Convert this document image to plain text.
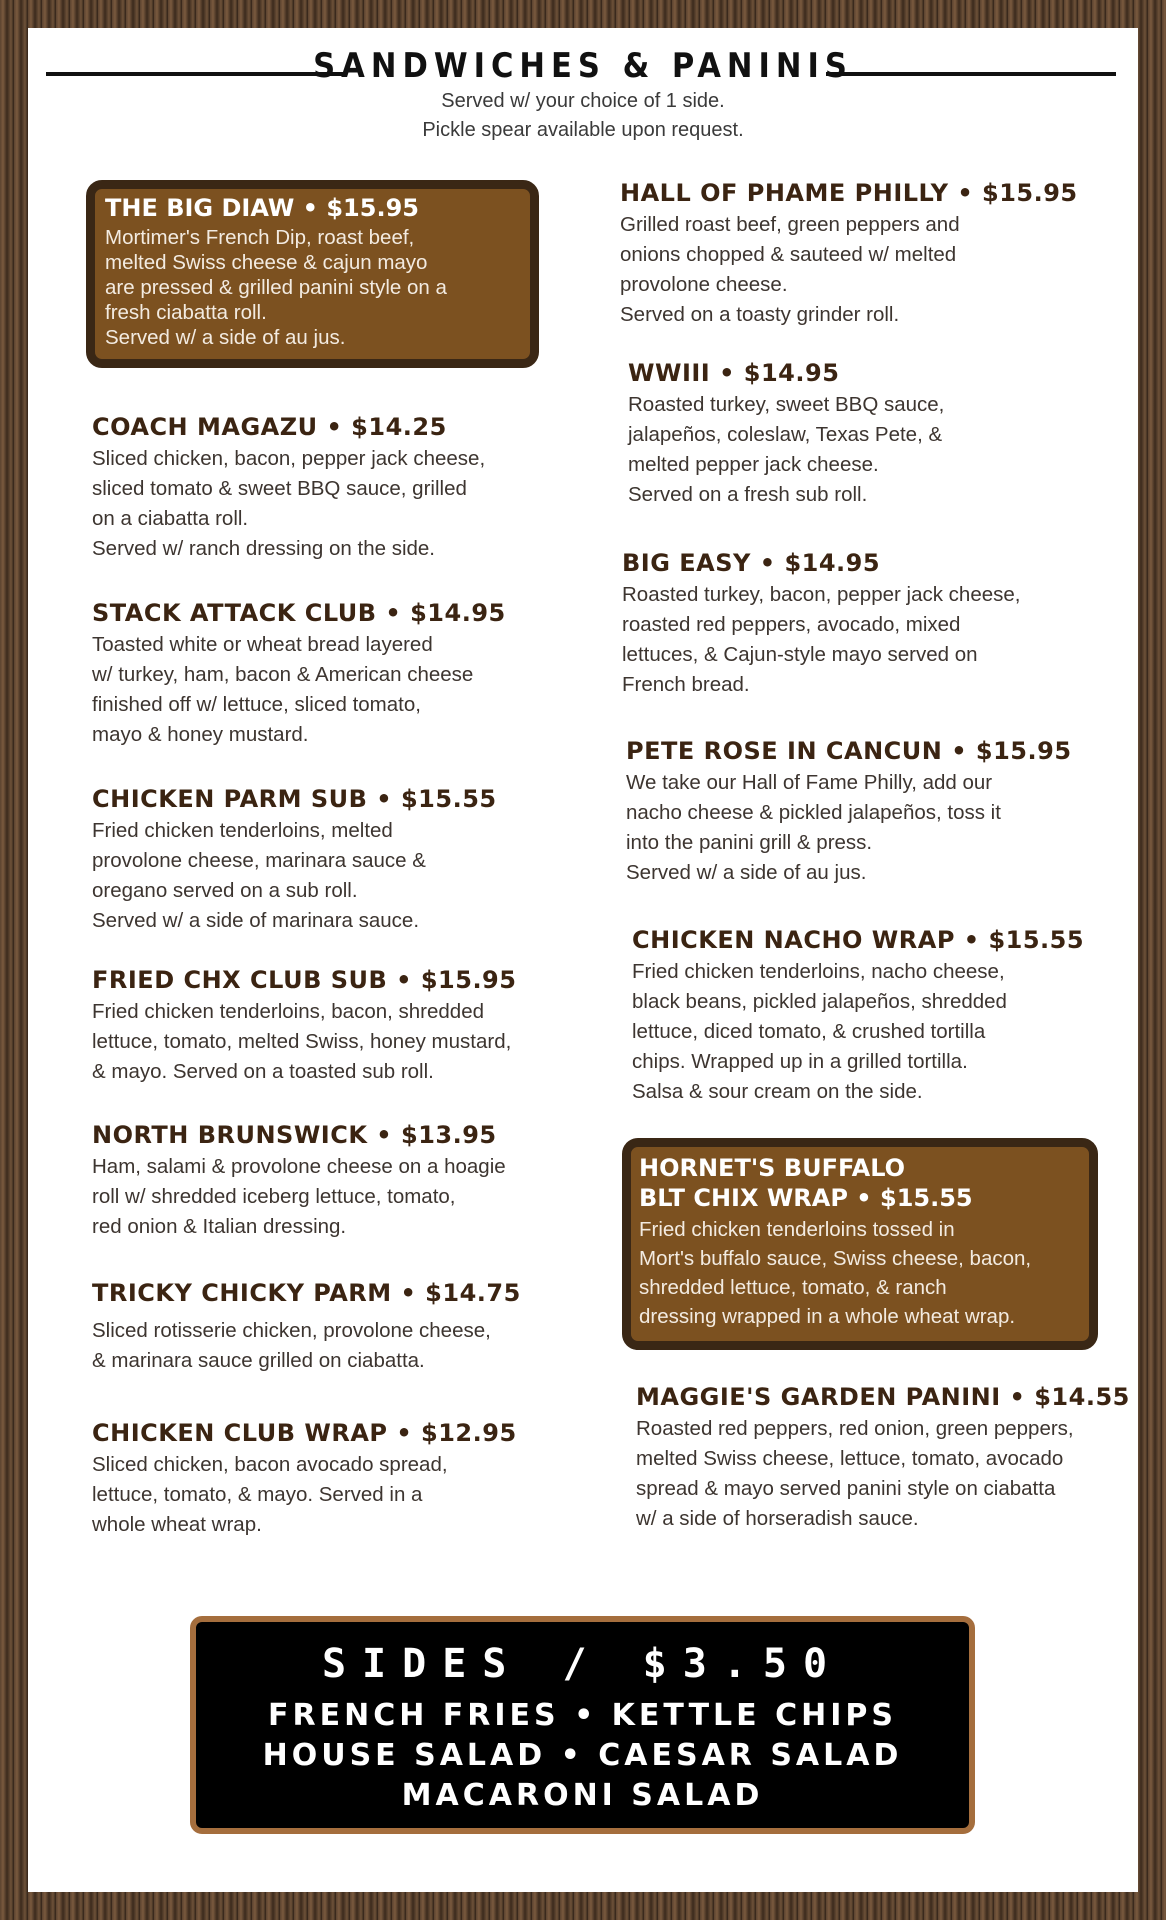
SANDWICHES & PANINIS
Served w/ your choice of 1 side.
Pickle spear available upon request.
THE BIG DIAW • $15.95
Mortimer's French Dip, roast beef,
melted Swiss cheese & cajun mayo
are pressed & grilled panini style on a
fresh ciabatta roll.
Served w/ a side of au jus.
COACH MAGAZU • $14.25
Sliced chicken, bacon, pepper jack cheese,
sliced tomato & sweet BBQ sauce, grilled
on a ciabatta roll.
Served w/ ranch dressing on the side.
STACK ATTACK CLUB • $14.95
Toasted white or wheat bread layered
w/ turkey, ham, bacon & American cheese
finished off w/ lettuce, sliced tomato,
mayo & honey mustard.
CHICKEN PARM SUB • $15.55
Fried chicken tenderloins, melted
provolone cheese, marinara sauce &
oregano served on a sub roll.
Served w/ a side of marinara sauce.
FRIED CHX CLUB SUB • $15.95
Fried chicken tenderloins, bacon, shredded
lettuce, tomato, melted Swiss, honey mustard,
& mayo. Served on a toasted sub roll.
NORTH BRUNSWICK • $13.95
Ham, salami & provolone cheese on a hoagie
roll w/ shredded iceberg lettuce, tomato,
red onion & Italian dressing.
TRICKY CHICKY PARM • $14.75
Sliced rotisserie chicken, provolone cheese,
& marinara sauce grilled on ciabatta.
CHICKEN CLUB WRAP • $12.95
Sliced chicken, bacon avocado spread,
lettuce, tomato, & mayo. Served in a
whole wheat wrap.
HALL OF PHAME PHILLY • $15.95
Grilled roast beef, green peppers and
onions chopped & sauteed w/ melted
provolone cheese.
Served on a toasty grinder roll.
WWIII • $14.95
Roasted turkey, sweet BBQ sauce,
jalapeños, coleslaw, Texas Pete, &
melted pepper jack cheese.
Served on a fresh sub roll.
BIG EASY • $14.95
Roasted turkey, bacon, pepper jack cheese,
roasted red peppers, avocado, mixed
lettuces, & Cajun-style mayo served on
French bread.
PETE ROSE IN CANCUN • $15.95
We take our Hall of Fame Philly, add our
nacho cheese & pickled jalapeños, toss it
into the panini grill & press.
Served w/ a side of au jus.
CHICKEN NACHO WRAP • $15.55
Fried chicken tenderloins, nacho cheese,
black beans, pickled jalapeños, shredded
lettuce, diced tomato, & crushed tortilla
chips. Wrapped up in a grilled tortilla.
Salsa & sour cream on the side.
HORNET'S BUFFALO
BLT CHIX WRAP • $15.55
Fried chicken tenderloins tossed in
Mort's buffalo sauce, Swiss cheese, bacon,
shredded lettuce, tomato, & ranch
dressing wrapped in a whole wheat wrap.
MAGGIE'S GARDEN PANINI • $14.55
Roasted red peppers, red onion, green peppers,
melted Swiss cheese, lettuce, tomato, avocado
spread & mayo served panini style on ciabatta
w/ a side of horseradish sauce.
SIDES / $3.50
FRENCH FRIES • KETTLE CHIPS
HOUSE SALAD • CAESAR SALAD
MACARONI SALAD
